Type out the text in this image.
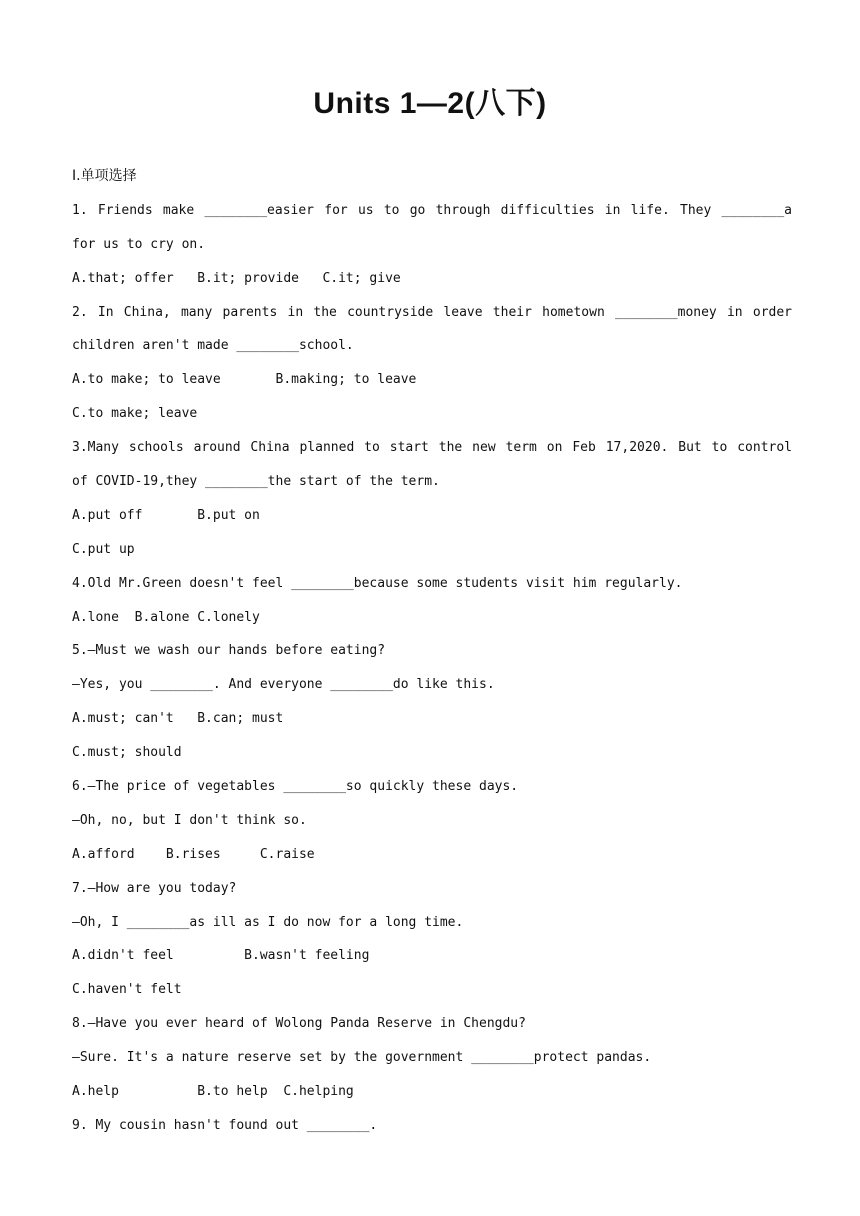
Units 1—2(八下)
Ⅰ.单项选择
1. Friends make ________easier for us to go through difficulties in life. They ________a
for us to cry on.
A.that; offer   B.it; provide   C.it; give
2. In China, many parents in the countryside leave their hometown ________money in order
children aren't made ________school.
A.to make; to leave       B.making; to leave
C.to make; leave
3.Many schools around China planned to start the new term on Feb 17,2020. But to control
of COVID-19,they ________the start of the term.
A.put off       B.put on
C.put up
4.Old Mr.Green doesn't feel ________because some students visit him regularly.
A.lone  B.alone C.lonely
5.—Must we wash our hands before eating?
—Yes, you ________. And everyone ________do like this.
A.must; can't   B.can; must
C.must; should
6.—The price of vegetables ________so quickly these days.
—Oh, no, but I don't think so.
A.afford    B.rises     C.raise
7.—How are you today?
—Oh, I ________as ill as I do now for a long time.
A.didn't feel         B.wasn't feeling
C.haven't felt
8.—Have you ever heard of Wolong Panda Reserve in Chengdu?
—Sure. It's a nature reserve set by the government ________protect pandas.
A.help          B.to help  C.helping
9. My cousin hasn't found out ________.
